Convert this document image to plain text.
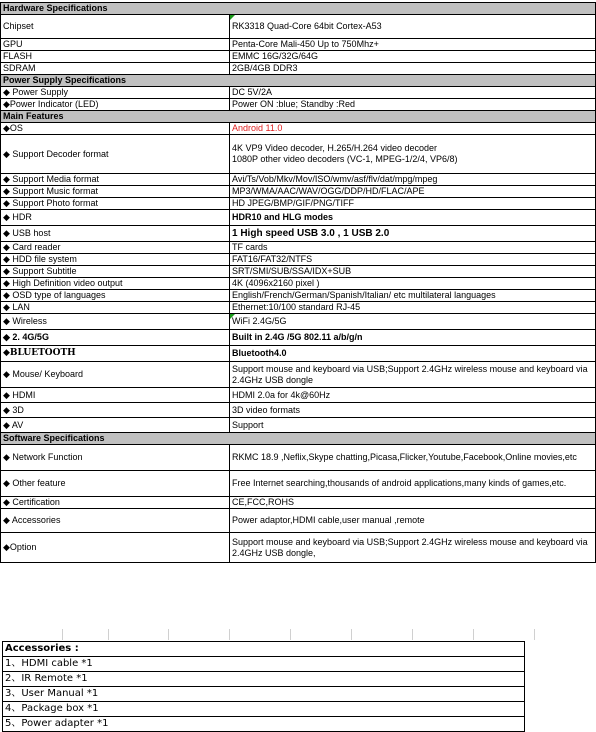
Hardware Specifications	
Chipset	RK3318 Quad-Core 64bit Cortex-A53
GPU	Penta-Core Mali-450 Up to 750Mhz+
FLASH	EMMC 16G/32G/64G
SDRAM	2GB/4GB DDR3
Power Supply Specifications	
◆ Power Supply	DC 5V/2A
◆Power Indicator (LED)	Power ON :blue; Standby :Red
Main Features	
◆OS	Android 11.0
◆ Support Decoder format	4K VP9 Video decoder, H.265/H.264 video decoder
1080P other video decoders (VC-1, MPEG-1/2/4, VP6/8)

◆ Support Media format	Avi/Ts/Vob/Mkv/Mov/ISO/wmv/asf/flv/dat/mpg/mpeg
◆ Support Music format	MP3/WMA/AAC/WAV/OGG/DDP/HD/FLAC/APE
◆ Support Photo format	HD JPEG/BMP/GIF/PNG/TIFF
◆ HDR	HDR10 and HLG modes
◆ USB host	1 High speed USB 3.0 , 1 USB 2.0
◆ Card reader	TF cards
◆ HDD file system	FAT16/FAT32/NTFS
◆ Support Subtitle	SRT/SMI/SUB/SSA/IDX+SUB
◆ High Definition video output	4K (4096x2160 pixel )
◆ OSD type of languages	English/French/German/Spanish/Italian/ etc multilateral languages
◆ LAN	Ethernet:10/100 standard RJ-45
◆ Wireless	WiFi 2.4G/5G
◆ 2. 4G/5G	Built in 2.4G /5G 802.11 a/b/g/n
◆BLUETOOTH	Bluetooth4.0
◆ Mouse/ Keyboard	Support mouse and keyboard via USB;Support 2.4GHz wireless mouse and keyboard via 2.4GHz USB dongle
◆ HDMI	HDMI 2.0a for 4k@60Hz
◆ 3D	3D video formats
◆ AV	Support
Software Specifications	
◆ Network Function	RKMC 18.9 ,Neflix,Skype chatting,Picasa,Flicker,Youtube,Facebook,Online movies,etc
◆ Other feature	Free Internet searching,thousands of android applications,many kinds of games,etc.
◆ Certification	CE,FCC,ROHS
◆ Accessories	Power adaptor,HDMI cable,user manual ,remote
◆Option	Support mouse and keyboard via USB;Support 2.4GHz wireless mouse and keyboard via 2.4GHz USB dongle,
Accessories :
1、HDMI cable *1
2、IR Remote *1
3、User Manual *1
4、Package box *1
5、Power adapter *1
